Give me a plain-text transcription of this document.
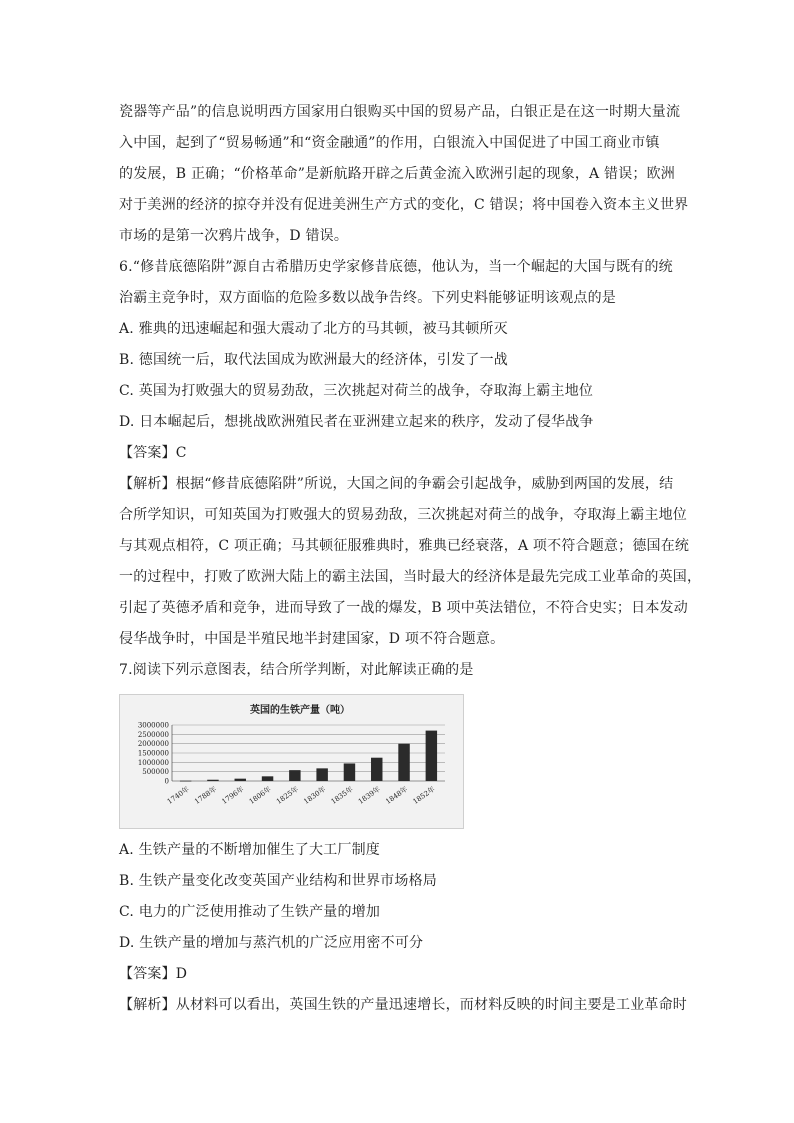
瓷器等产品”的信息说明西方国家用白银购买中国的贸易产品，白银正是在这一时期大量流
入中国，起到了“贸易畅通”和“资金融通”的作用，白银流入中国促进了中国工商业市镇
的发展，B 正确；“价格革命”是新航路开辟之后黄金流入欧洲引起的现象，A 错误；欧洲
对于美洲的经济的掠夺并没有促进美洲生产方式的变化，C 错误；将中国卷入资本主义世界
市场的是第一次鸦片战争，D 错误。
6.“修昔底德陷阱”源自古希腊历史学家修昔底德，他认为，当一个崛起的大国与既有的统
治霸主竞争时，双方面临的危险多数以战争告终。下列史料能够证明该观点的是
A. 雅典的迅速崛起和强大震动了北方的马其顿，被马其顿所灭
B. 德国统一后，取代法国成为欧洲最大的经济体，引发了一战
C. 英国为打败强大的贸易劲敌，三次挑起对荷兰的战争，夺取海上霸主地位
D. 日本崛起后，想挑战欧洲殖民者在亚洲建立起来的秩序，发动了侵华战争
【答案】C
【解析】根据“修昔底德陷阱”所说，大国之间的争霸会引起战争，威胁到两国的发展，结
合所学知识，可知英国为打败强大的贸易劲敌，三次挑起对荷兰的战争，夺取海上霸主地位
与其观点相符，C 项正确；马其顿征服雅典时，雅典已经衰落，A 项不符合题意；德国在统
一的过程中，打败了欧洲大陆上的霸主法国，当时最大的经济体是最先完成工业革命的英国，
引起了英德矛盾和竞争，进而导致了一战的爆发，B 项中英法错位，不符合史实；日本发动
侵华战争时，中国是半殖民地半封建国家，D 项不符合题意。
7.阅读下列示意图表，结合所学判断，对此解读正确的是
A. 生铁产量的不断增加催生了大工厂制度
B. 生铁产量变化改变英国产业结构和世界市场格局
C. 电力的广泛使用推动了生铁产量的增加
D. 生铁产量的增加与蒸汽机的广泛应用密不可分
【答案】D
【解析】从材料可以看出，英国生铁的产量迅速增长，而材料反映的时间主要是工业革命时
英国的生铁产量（吨）
3000000
2500000
2000000
1500000
1000000
500000
0
1740年 1788年 1796年 1806年 1825年 1830年 1835年 1839年 1848年 1852年
